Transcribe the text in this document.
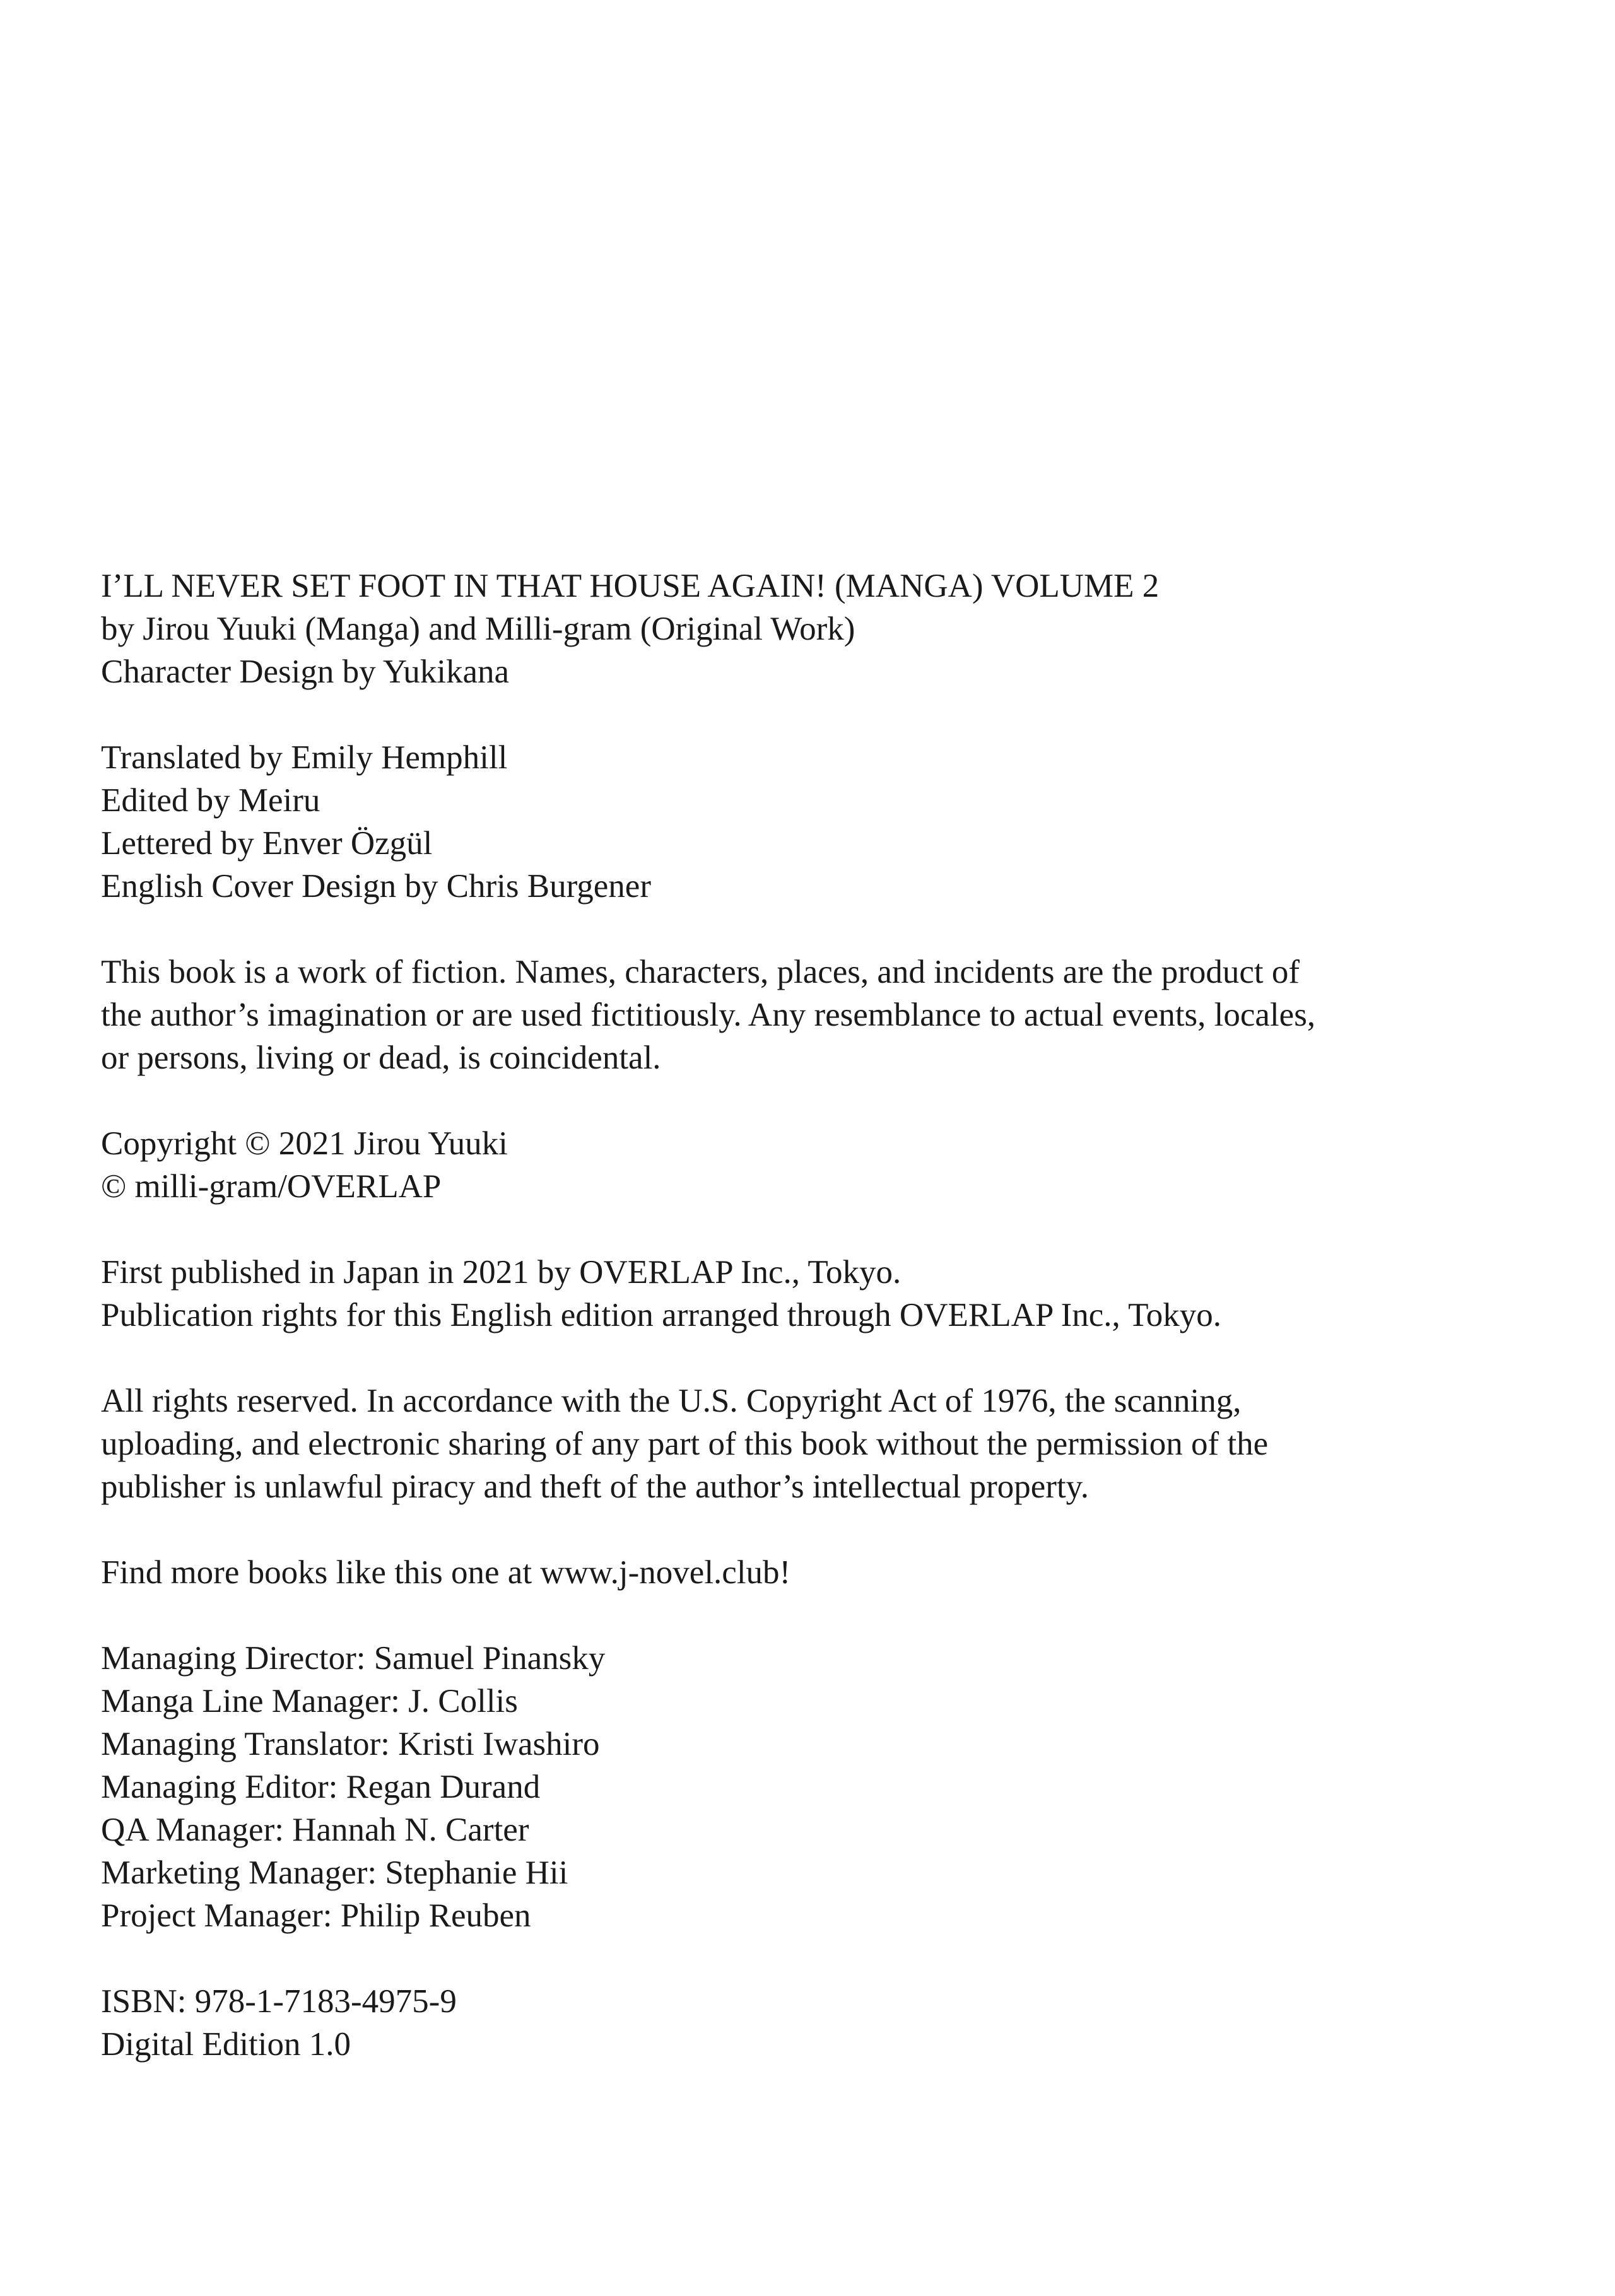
I’LL NEVER SET FOOT IN THAT HOUSE AGAIN! (MANGA) VOLUME 2
by Jirou Yuuki (Manga) and Milli-gram (Original Work)
Character Design by Yukikana
Translated by Emily Hemphill
Edited by Meiru
Lettered by Enver Özgül
English Cover Design by Chris Burgener
This book is a work of fiction. Names, characters, places, and incidents are the product of
the author’s imagination or are used fictitiously. Any resemblance to actual events, locales,
or persons, living or dead, is coincidental.
Copyright © 2021 Jirou Yuuki
© milli-gram/OVERLAP
First published in Japan in 2021 by OVERLAP Inc., Tokyo.
Publication rights for this English edition arranged through OVERLAP Inc., Tokyo.
All rights reserved. In accordance with the U.S. Copyright Act of 1976, the scanning,
uploading, and electronic sharing of any part of this book without the permission of the
publisher is unlawful piracy and theft of the author’s intellectual property.
Find more books like this one at www.j-novel.club!
Managing Director: Samuel Pinansky
Manga Line Manager: J. Collis
Managing Translator: Kristi Iwashiro
Managing Editor: Regan Durand
QA Manager: Hannah N. Carter
Marketing Manager: Stephanie Hii
Project Manager: Philip Reuben
ISBN: 978-1-7183-4975-9
Digital Edition 1.0
